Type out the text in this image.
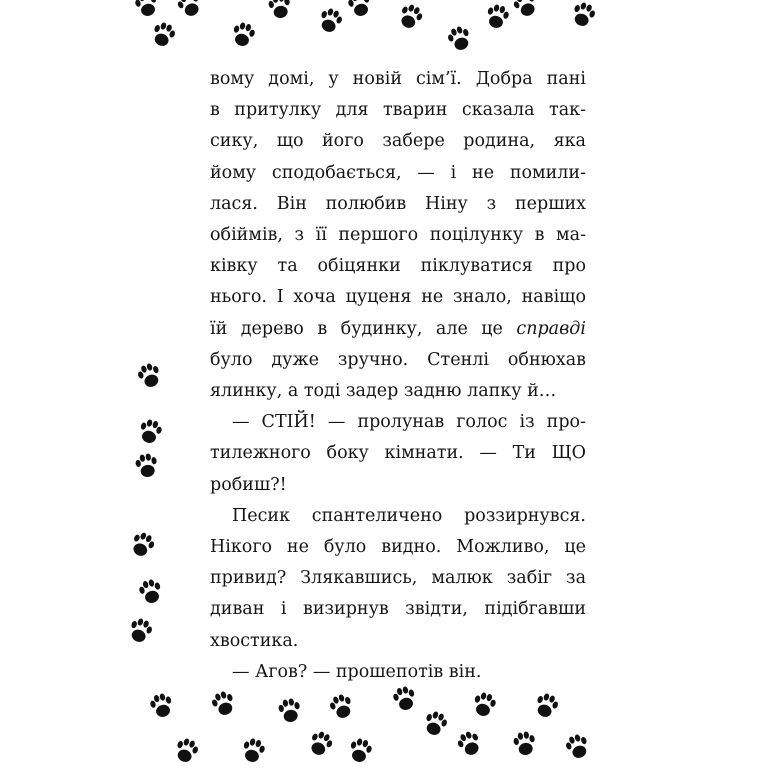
вому домі, у новій сім’ї. Добра пані
в притулку для тварин сказала так-
сику, що його забере родина, яка
йому сподобається, — і не помили-
лася. Він полюбив Ніну з перших
обіймів, з її першого поцілунку в ма-
ківку та обіцянки піклуватися про
нього. І хоча цуценя не знало, навіщо
їй дерево в будинку, але це справді
було дуже зручно. Стенлі обнюхав
ялинку, а тоді задер задню лапку й…
— СТІЙ! — пролунав голос із про-
тилежного боку кімнати. — Ти ЩО
робиш?!
Песик спантеличено роззирнувся.
Нікого не було видно. Можливо, це
привид? Злякавшись, малюк забіг за
диван і визирнув звідти, підібгавши
хвостика.
— Агов? — прошепотів він.
